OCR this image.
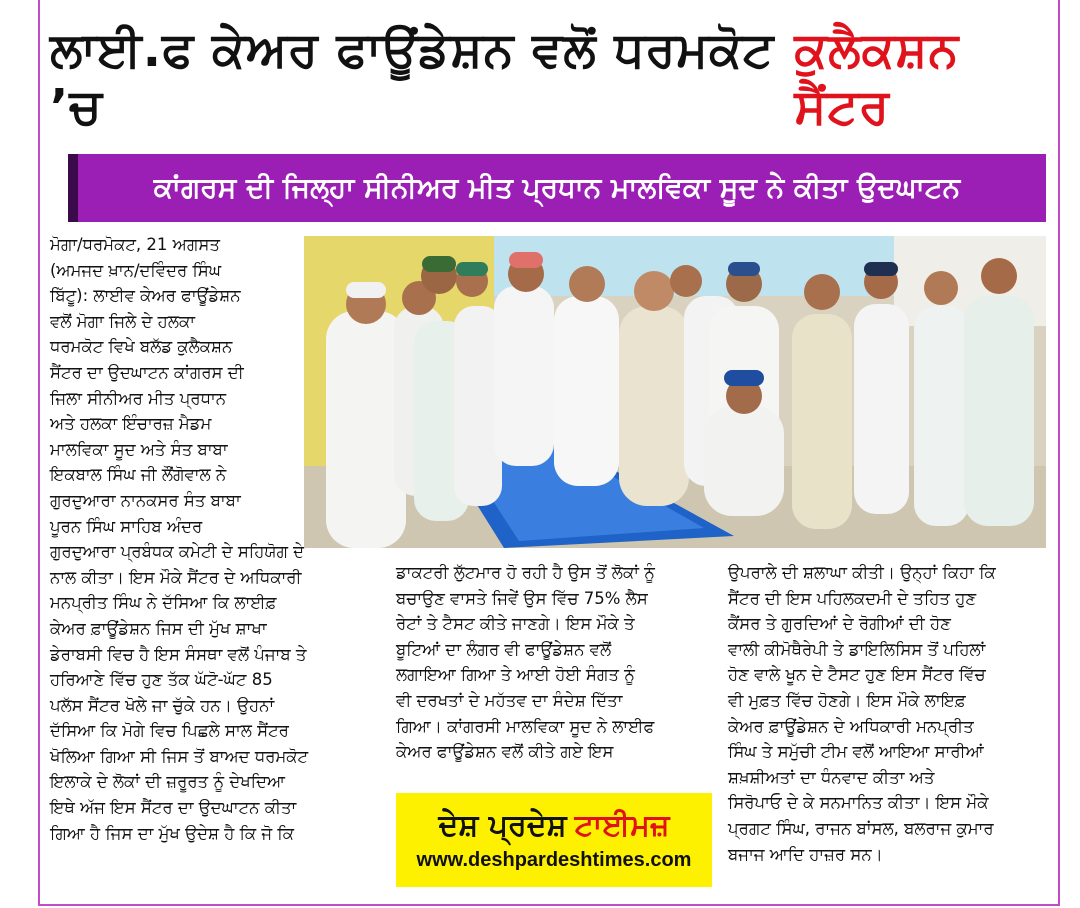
ਲਾਈ.ਫ ਕੇਅਰ ਫਾਊਂਡੇਸ਼ਨ ਵਲੋਂ ਧਰਮਕੋਟ ’ਚ
ਕੁਲੈਕਸ਼ਨ ਸੈਂਟਰ
ਕਾਂਗਰਸ ਦੀ ਜਿਲ੍ਹਾ ਸੀਨੀਅਰ ਮੀਤ ਪ੍ਰਧਾਨ ਮਾਲਵਿਕਾ ਸੂਦ ਨੇ ਕੀਤਾ ਉਦਘਾਟਨ
ਮੋਗਾ/ਧਰਮੋਕਟ, 21 ਅਗਸਤ
(ਅਮਜਦ ਖ਼ਾਨ/ਦਵਿੰਦਰ ਸਿੰਘ
ਬਿੱਟੂ): ਲਾਈਵ ਕੇਅਰ ਫਾਊਂਡੇਸ਼ਨ
ਵਲੋਂ ਮੋਗਾ ਜਿਲੇ ਦੇ ਹਲਕਾ
ਧਰਮਕੋਟ ਵਿਖੇ ਬਲੱਡ ਕੁਲੈਕਸ਼ਨ
ਸੈਂਟਰ ਦਾ ਉਦਘਾਟਨ ਕਾਂਗਰਸ ਦੀ
ਜਿਲਾ ਸੀਨੀਅਰ ਮੀਤ ਪ੍ਰਧਾਨ
ਅਤੇ ਹਲਕਾ ਇੰਚਾਰਜ਼ ਮੈਡਮ
ਮਾਲਵਿਕਾ ਸੂਦ ਅਤੇ ਸੰਤ ਬਾਬਾ
ਇਕਬਾਲ ਸਿੰਘ ਜੀ ਲੌਂਗੋਵਾਲ ਨੇ
ਗੁਰਦੁਆਰਾ ਨਾਨਕਸਰ ਸੰਤ ਬਾਬਾ
ਪੂਰਨ ਸਿੰਘ ਸਾਹਿਬ ਅੰਦਰ
ਗੁਰਦੁਆਰਾ ਪ੍ਰਬੰਧਕ ਕਮੇਟੀ ਦੇ ਸਹਿਯੋਗ ਦੇ
ਨਾਲ ਕੀਤਾ। ਇਸ ਮੌਕੇ ਸੈਂਟਰ ਦੇ ਅਧਿਕਾਰੀ
ਮਨਪ੍ਰੀਤ ਸਿੰਘ ਨੇ ਦੱਸਿਆ ਕਿ ਲਾਈਫ਼
ਕੇਅਰ ਫ਼ਾਊਂਡੇਸ਼ਨ ਜਿਸ ਦੀ ਮੁੱਖ ਸ਼ਾਖਾ
ਡੇਰਾਬਸੀ ਵਿਚ ਹੈ ਇਸ ਸੰਸਥਾ ਵਲੋਂ ਪੰਜਾਬ ਤੇ
ਹਰਿਆਣੇ ਵਿੱਚ ਹੁਣ ਤੱਕ ਘੱਟੋ-ਘੱਟ 85
ਪਲੱਸ ਸੈਂਟਰ ਖੋਲੇ ਜਾ ਚੁੱਕੇ ਹਨ। ਉਹਨਾਂ
ਦੱਸਿਆ ਕਿ ਮੋਗੇ ਵਿਚ ਪਿਛਲੇ ਸਾਲ ਸੈਂਟਰ
ਖੋਲਿਆ ਗਿਆ ਸੀ ਜਿਸ ਤੋਂ ਬਾਅਦ ਧਰਮਕੋਟ
ਇਲਾਕੇ ਦੇ ਲੋਕਾਂ ਦੀ ਜ਼ਰੂਰਤ ਨੂੰ ਦੇਖਦਿਆ
ਇਥੇ ਅੱਜ ਇਸ ਸੈਂਟਰ ਦਾ ਉਦਘਾਟਨ ਕੀਤਾ
ਗਿਆ ਹੈ ਜਿਸ ਦਾ ਮੁੱਖ ਉਦੇਸ਼ ਹੈ ਕਿ ਜੋ ਕਿ
ਡਾਕਟਰੀ ਲੁੱਟਮਾਰ ਹੋ ਰਹੀ ਹੈ ਉਸ ਤੋਂ ਲੋਕਾਂ ਨੂੰ
ਬਚਾਉਣ ਵਾਸਤੇ ਜਿਵੇਂ ਉਸ ਵਿੱਚ 75% ਲੈਸ
ਰੇਟਾਂ ਤੇ ਟੈਸਟ ਕੀਤੇ ਜਾਣਗੇ। ਇਸ ਮੌਕੇ ਤੇ
ਬੂਟਿਆਂ ਦਾ ਲੰਗਰ ਵੀ ਫਾਊਂਡੇਸ਼ਨ ਵਲੋਂ
ਲਗਾਇਆ ਗਿਆ ਤੇ ਆਈ ਹੋਈ ਸੰਗਤ ਨੂੰ
ਵੀ ਦਰਖਤਾਂ ਦੇ ਮਹੱਤਵ ਦਾ ਸੰਦੇਸ਼ ਦਿੱਤਾ
ਗਿਆ। ਕਾਂਗਰਸੀ ਮਾਲਵਿਕਾ ਸੂਦ ਨੇ ਲਾਈਫ
ਕੇਅਰ ਫਾਊਂਡੇਸ਼ਨ ਵਲੋਂ ਕੀਤੇ ਗਏ ਇਸ
ਦੇਸ਼ ਪ੍ਰਦੇਸ਼ ਟਾਈਮਜ਼
www.deshpardeshtimes.com
ਉਪਰਾਲੇ ਦੀ ਸ਼ਲਾਘਾ ਕੀਤੀ। ਉਨ੍ਹਾਂ ਕਿਹਾ ਕਿ
ਸੈਂਟਰ ਦੀ ਇਸ ਪਹਿਲਕਦਮੀ ਦੇ ਤਹਿਤ ਹੁਣ
ਕੈਂਸਰ ਤੇ ਗੁਰਦਿਆਂ ਦੇ ਰੋਗੀਆਂ ਦੀ ਹੋਣ
ਵਾਲੀ ਕੀਮੋਥੈਰੇਪੀ ਤੇ ਡਾਇਲਿਸਿਸ ਤੋਂ ਪਹਿਲਾਂ
ਹੋਣ ਵਾਲੇ ਖੂਨ ਦੇ ਟੈਸਟ ਹੁਣ ਇਸ ਸੈਂਟਰ ਵਿੱਚ
ਵੀ ਮੁਫ਼ਤ ਵਿੱਚ ਹੋਣਗੇ। ਇਸ ਮੌਕੇ ਲਾਇਫ਼
ਕੇਅਰ ਫ਼ਾਊਂਡੇਸ਼ਨ ਦੇ ਅਧਿਕਾਰੀ ਮਨਪ੍ਰੀਤ
ਸਿੰਘ ਤੇ ਸਮੁੱਚੀ ਟੀਮ ਵਲੋਂ ਆਇਆ ਸਾਰੀਆਂ
ਸ਼ਖ਼ਸ਼ੀਅਤਾਂ ਦਾ ਧੰਨਵਾਦ ਕੀਤਾ ਅਤੇ
ਸਿਰੋਪਾਓ ਦੇ ਕੇ ਸਨਮਾਨਿਤ ਕੀਤਾ। ਇਸ ਮੌਕੇ
ਪ੍ਰਗਟ ਸਿੰਘ, ਰਾਜਨ ਬਾਂਸਲ, ਬਲਰਾਜ ਕੁਮਾਰ
ਬਜਾਜ ਆਦਿ ਹਾਜ਼ਰ ਸਨ।
